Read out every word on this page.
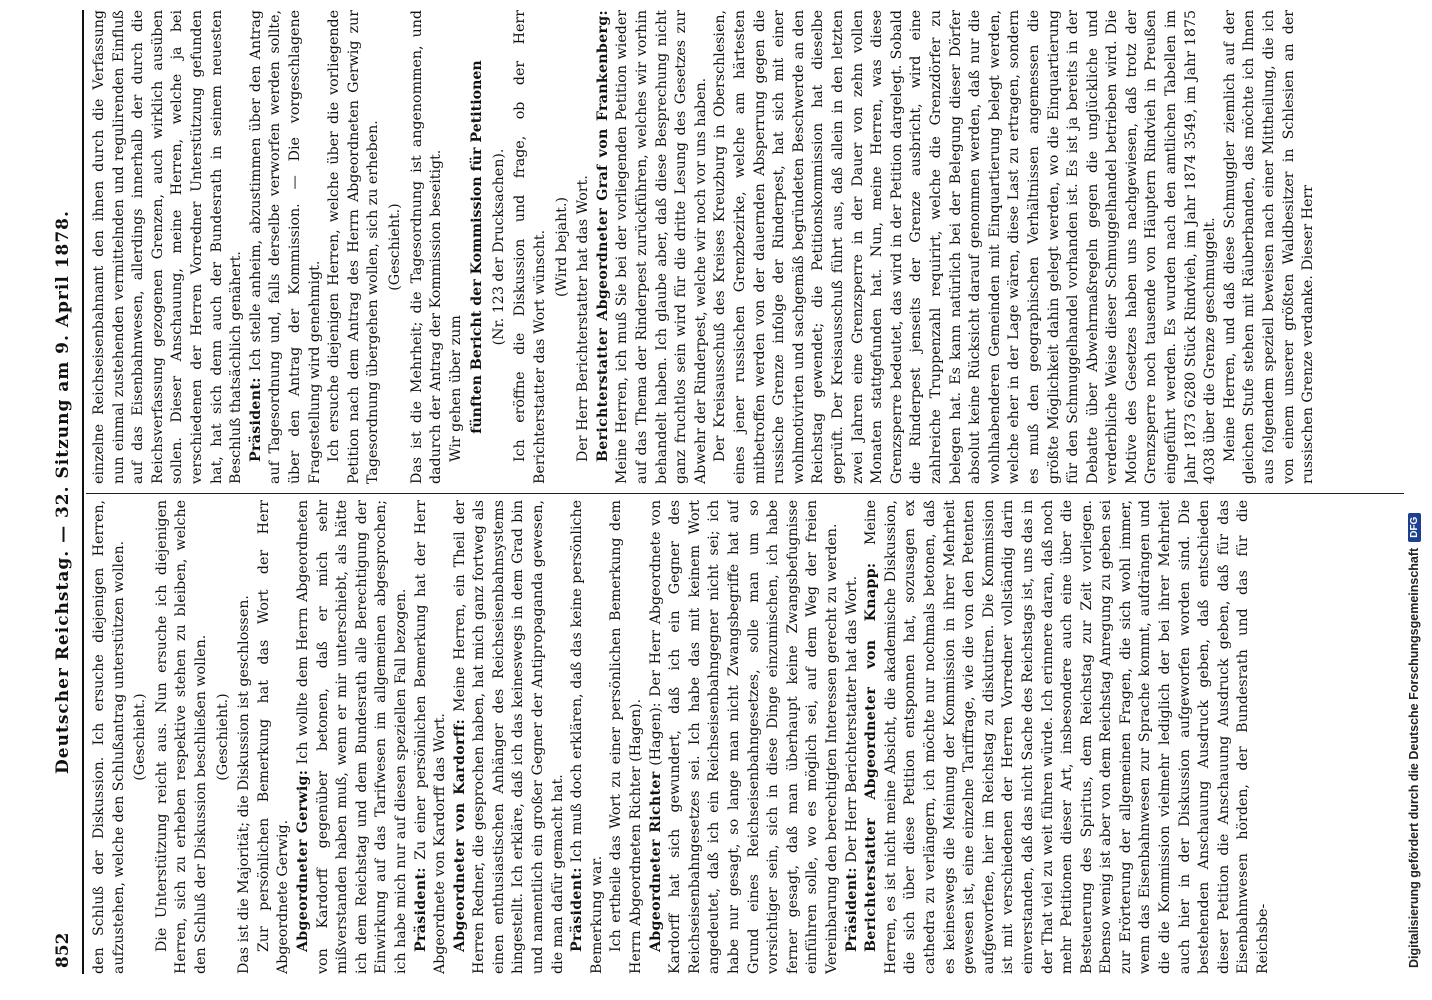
852
Deutscher Reichstag. — 32. Sitzung am 9. April 1878. den Schluß der Diskussion. Ich ersuche diejenigen Herren, aufzustehen, welche den Schlußantrag unterstützen wollen. (Geschieht.) Die Unterstützung reicht aus. Nun ersuche ich diejenigen Herren, sich zu erheben respektive stehen zu bleiben, welche den Schluß der Diskussion beschließen wollen. (Geschieht.) Das ist die Majorität; die Diskussion ist geschlossen. Zur persönlichen Bemerkung hat das Wort der Herr Abgeordnete Gerwig. Abgeordneter Gerwig: Ich wollte dem Herrn Abgeordneten von Kardorff gegenüber betonen, daß er mich sehr mißverstanden haben muß, wenn er mir unterschiebt, als hätte ich dem Reichstag und dem Bundesrath alle Berechtigung der Einwirkung auf das Tarifwesen im allgemeinen abgesprochen; ich habe mich nur auf diesen speziellen Fall bezogen. Präsident: Zu einer persönlichen Bemerkung hat der Herr Abgeordnete von Kardorff das Wort. Abgeordneter von Kardorff: Meine Herren, ein Theil der Herren Redner, die gesprochen haben, hat mich ganz fortweg als einen enthusiastischen Anhänger des Reichseisenbahnsystems hingestellt. Ich erkläre, daß ich das keineswegs in dem Grad bin und namentlich ein großer Gegner der Antipropaganda gewesen, die man dafür gemacht hat. Präsident: Ich muß doch erklären, daß das keine persönliche Bemerkung war. Ich ertheile das Wort zu einer persönlichen Bemerkung dem Herrn Abgeordneten Richter (Hagen). Abgeordneter Richter (Hagen): Der Herr Abgeordnete von Kardorff hat sich gewundert, daß ich ein Gegner des Reichseisenbahngesetzes sei. Ich habe das mit keinem Wort angedeutet, daß ich ein Reichseisenbahngegner nicht sei; ich habe nur gesagt, so lange man nicht Zwangsbegriffe hat auf Grund eines Reichseisenbahngesetzes, solle man um so vorsichtiger sein, sich in diese Dinge einzumischen, ich habe ferner gesagt, daß man überhaupt keine Zwangsbefugnisse einführen solle, wo es möglich sei, auf dem Weg der freien Vereinbarung den berechtigten Interessen gerecht zu werden. Präsident: Der Herr Berichterstatter hat das Wort. Berichterstatter Abgeordneter von Knapp: Meine Herren, es ist nicht meine Absicht, die akademische Diskussion, die sich über diese Petition entsponnen hat, sozusagen ex cathedra zu verlängern, ich möchte nur nochmals betonen, daß es keineswegs die Meinung der Kommission in ihrer Mehrheit gewesen ist, eine einzelne Tariffrage, wie die von den Petenten aufgeworfene, hier im Reichstag zu diskutiren. Die Kommission ist mit verschiedenen der Herren Vorredner vollständig darin einverstanden, daß das nicht Sache des Reichstags ist, uns das in der That viel zu weit führen würde. Ich erinnere daran, daß noch mehr Petitionen dieser Art, insbesondere auch eine über die Besteuerung des Spiritus, dem Reichstag zur Zeit vorliegen. Ebenso wenig ist aber von dem Reichstag Anregung zu geben sei zur Erörterung der allgemeinen Fragen, die sich wohl immer, wenn das Eisenbahnwesen zur Sprache kommt, aufdrängen und die die Kommission vielmehr lediglich der bei ihrer Mehrheit auch hier in der Diskussion aufgeworfen worden sind. Die bestehenden Anschauung Ausdruck geben, daß entschieden dieser Petition die Anschauung Ausdruck geben, daß für das Eisenbahnwesen hörden, der Bundesrath und das für die Reichsbe-

einzelne Reichseisenbahnamt den ihnen durch die Verfassung nun einmal zustehenden vermittelnden und regulirenden Einfluß auf das Eisenbahnwesen, allerdings innerhalb der durch die Reichsverfassung gezogenen Grenzen, auch wirklich ausüben sollen. Dieser Anschauung, meine Herren, welche ja bei verschiedenen der Herren Vorredner Unterstützung gefunden hat, hat sich denn auch der Bundesrath in seinem neuesten Beschluß thatsächlich genähert. Präsident: Ich stelle anheim, abzustimmen über den Antrag auf Tagesordnung und, falls derselbe verworfen werden sollte, über den Antrag der Kommission. — Die vorgeschlagene Fragestellung wird genehmigt. Ich ersuche diejenigen Herren, welche über die vorliegende Petition nach dem Antrag des Herrn Abgeordneten Gerwig zur Tagesordnung übergehen wollen, sich zu erheben. (Geschieht.) Das ist die Mehrheit; die Tagesordnung ist angenommen, und dadurch der Antrag der Kommission beseitigt. Wir gehen über zum fünften Bericht der Kommission für Petitionen (Nr. 123 der Drucksachen). Ich eröffne die Diskussion und frage, ob der Herr Berichterstatter das Wort wünscht. (Wird bejaht.) Der Herr Berichterstatter hat das Wort. Berichterstatter Abgeordneter Graf von Frankenberg: Meine Herren, ich muß Sie bei der vorliegenden Petition wieder auf das Thema der Rinderpest zurückführen, welches wir vorhin behandelt haben. Ich glaube aber, daß diese Besprechung nicht ganz fruchtlos sein wird für die dritte Lesung des Gesetzes zur Abwehr der Rinderpest, welche wir noch vor uns haben. Der Kreisausschuß des Kreises Kreuzburg in Oberschlesien, eines jener russischen Grenzbezirke, welche am härtesten mitbetroffen werden von der dauernden Absperrung gegen die russische Grenze infolge der Rinderpest, hat sich mit einer wohlmotivirten und sachgemäß begründeten Beschwerde an den Reichstag gewendet; die Petitionskommission hat dieselbe geprüft. Der Kreisausschuß führt aus, daß allein in den letzten zwei Jahren eine Grenzsperre in der Dauer von zehn vollen Monaten stattgefunden hat. Nun, meine Herren, was diese Grenzsperre bedeutet, das wird in der Petition dargelegt. Sobald die Rinderpest jenseits der Grenze ausbricht, wird eine zahlreiche Truppenzahl requirirt, welche die Grenzdörfer zu belegen hat. Es kann natürlich bei der Belegung dieser Dörfer absolut keine Rücksicht darauf genommen werden, daß nur die wohlhabenderen Gemeinden mit Einquartierung belegt werden, welche eher in der Lage wären, diese Last zu ertragen, sondern es muß den geographischen Verhältnissen angemessen die größte Möglichkeit dahin gelegt werden, wo die Einquartierung für den Schmuggelhandel vorhanden ist. Es ist ja bereits in der Debatte über Abwehrmaßregeln gegen die unglückliche und verderbliche Weise dieser Schmuggelhandel betrieben wird. Die Motive des Gesetzes haben uns nachgewiesen, daß trotz der Grenzsperre noch tausende von Häuptern Rindvieh in Preußen eingeführt werden. Es wurden nach den amtlichen Tabellen im Jahr 1873 6280 Stück Rindvieh, im Jahr 1874 3549, im Jahr 1875 4038 über die Grenze geschmuggelt. Meine Herren, und daß diese Schmuggler ziemlich auf der gleichen Stufe stehen mit Räuberbanden, das möchte ich Ihnen aus folgendem speziell beweisen nach einer Mittheilung, die ich von einem unserer größten Waldbesitzer in Schlesien an der russischen Grenze verdanke. Dieser Herr

Digitalisierung gefördert durch die Deutsche Forschungsgemeinschaft
DFG
